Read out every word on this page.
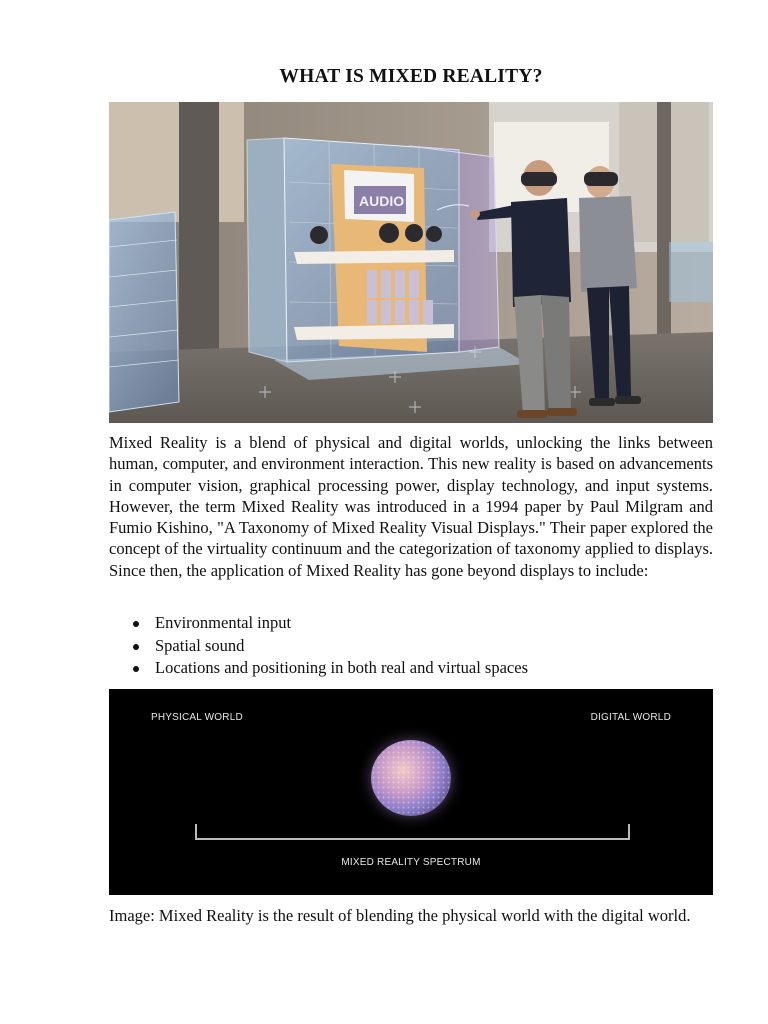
WHAT IS MIXED REALITY?
AUDIO

Mixed Reality is a blend of physical and digital worlds, unlocking the links between human, computer, and environment interaction. This new reality is based on advancements in computer vision, graphical processing power, display technology, and input systems. However, the term Mixed Reality was introduced in a 1994 paper by Paul Milgram and Fumio Kishino, "A Taxonomy of Mixed Reality Visual Displays." Their paper explored the concept of the virtuality continuum and the categorization of taxonomy applied to displays. Since then, the application of Mixed Reality has gone beyond displays to include:

Environmental input
Spatial sound
Locations and positioning in both real and virtual spaces
PHYSICAL WORLD	DIGITAL WORLD
MIXED REALITY SPECTRUM

Image: Mixed Reality is the result of blending the physical world with the digital world.
